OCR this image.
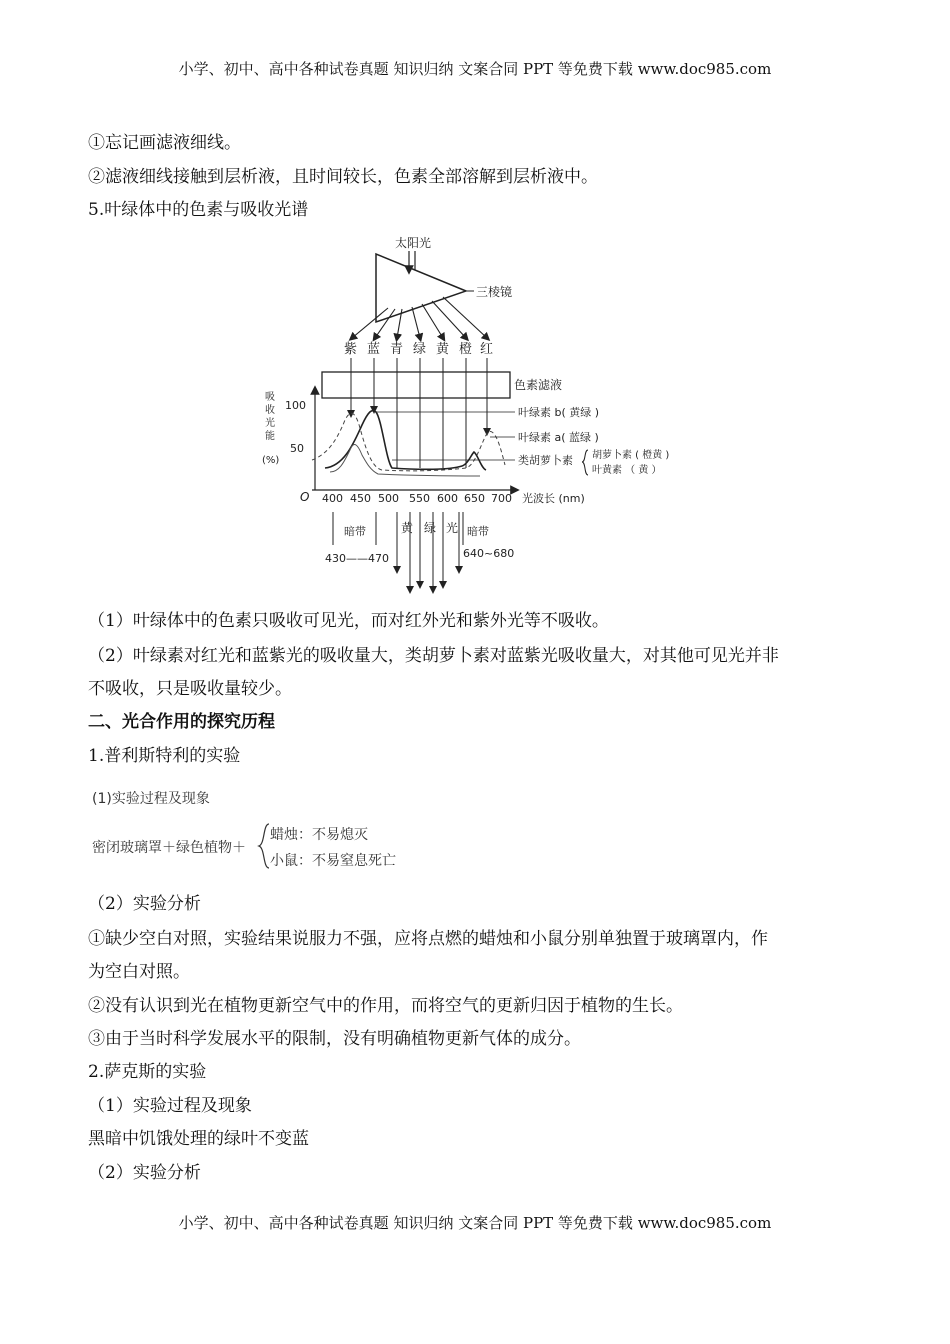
小学、初中、高中各种试卷真题 知识归纳 文案合同 PPT 等免费下载 www.doc985.com
①忘记画滤液细线。
②滤液细线接触到层析液，且时间较长，色素全部溶解到层析液中。
5.叶绿体中的色素与吸收光谱
太阳光
三棱镜
紫 蓝 青 绿 黄 橙 红
色素滤液
吸
收
光
能
(%)
100
50
O 400 450 500 550 600 650 700 光波长 (nm)
叶绿素 b( 黄绿 )
叶绿素 a( 蓝绿 )
类胡萝卜素 胡萝卜素 ( 橙黄 )
叶黄素 （ 黄 ）
暗带
430——470
黄 绿 光 暗带
640~680
（1）叶绿体中的色素只吸收可见光，而对红外光和紫外光等不吸收。
（2）叶绿素对红光和蓝紫光的吸收量大，类胡萝卜素对蓝紫光吸收量大，对其他可见光并非
不吸收，只是吸收量较少。
二、光合作用的探究历程
1.普利斯特利的实验
(1)实验过程及现象
密闭玻璃罩＋绿色植物＋
蜡烛：不易熄灭
小鼠：不易窒息死亡
（2）实验分析
①缺少空白对照，实验结果说服力不强，应将点燃的蜡烛和小鼠分别单独置于玻璃罩内，作
为空白对照。
②没有认识到光在植物更新空气中的作用，而将空气的更新归因于植物的生长。
③由于当时科学发展水平的限制，没有明确植物更新气体的成分。
2.萨克斯的实验
（1）实验过程及现象
黑暗中饥饿处理的绿叶不变蓝
（2）实验分析
小学、初中、高中各种试卷真题 知识归纳 文案合同 PPT 等免费下载 www.doc985.com
